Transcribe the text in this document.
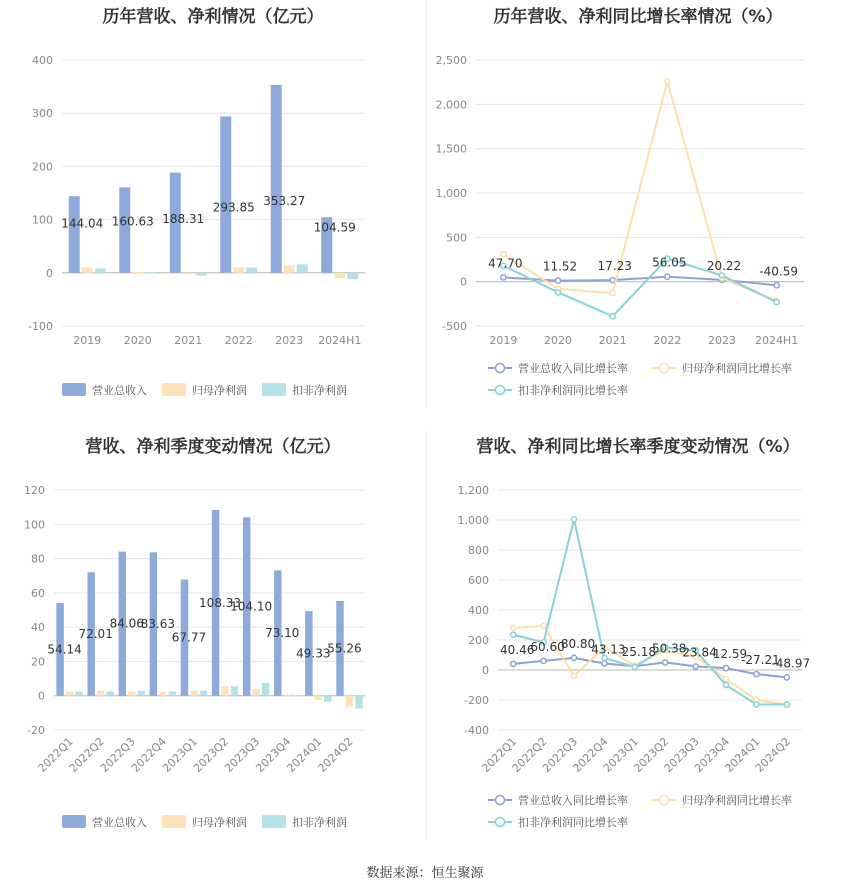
历年营收、净利情况（亿元）
-100
0
100
200
300
400
2019 2020 2021 2022 2023 2024H1
144.04 160.63 188.31
293.85 353.27
104.59
营业总收入	归母净利润	扣非净利润
历年营收、净利同比增长率情况（%）
-500
0
500
1,000
1,500
2,000
2,500
2019 2020 2021 2022 2023 2024H1
47.70 11.52 17.23 56.05 20.22 -40.59
营业总收入同比增长率	归母净利润同比增长率
扣非净利润同比增长率
营收、净利季度变动情况（亿元）
-20
0
20
40
60
80
100
120
2022Q1
2022Q2
2022Q3
2022Q4
2023Q1
2023Q2
2023Q3
2023Q4
2024Q1
2024Q2
54.14
72.01
84.06
83.63
67.77
108.33
104.10
73.10
49.33
55.26
营业总收入	归母净利润	扣非净利润
营收、净利同比增长率季度变动情况（%）
-400
-200
0
200
400
600
800
1,000
1,200
2022Q1
2022Q2
2022Q3
2022Q4
2023Q1
2023Q2
2023Q3
2023Q4
2024Q1
2024Q2
40.46
60.60
80.80
43.13
25.18
50.38
23.84
12.59
-27.21
-48.97
营业总收入同比增长率	归母净利润同比增长率
扣非净利润同比增长率
数据来源：恒生聚源
